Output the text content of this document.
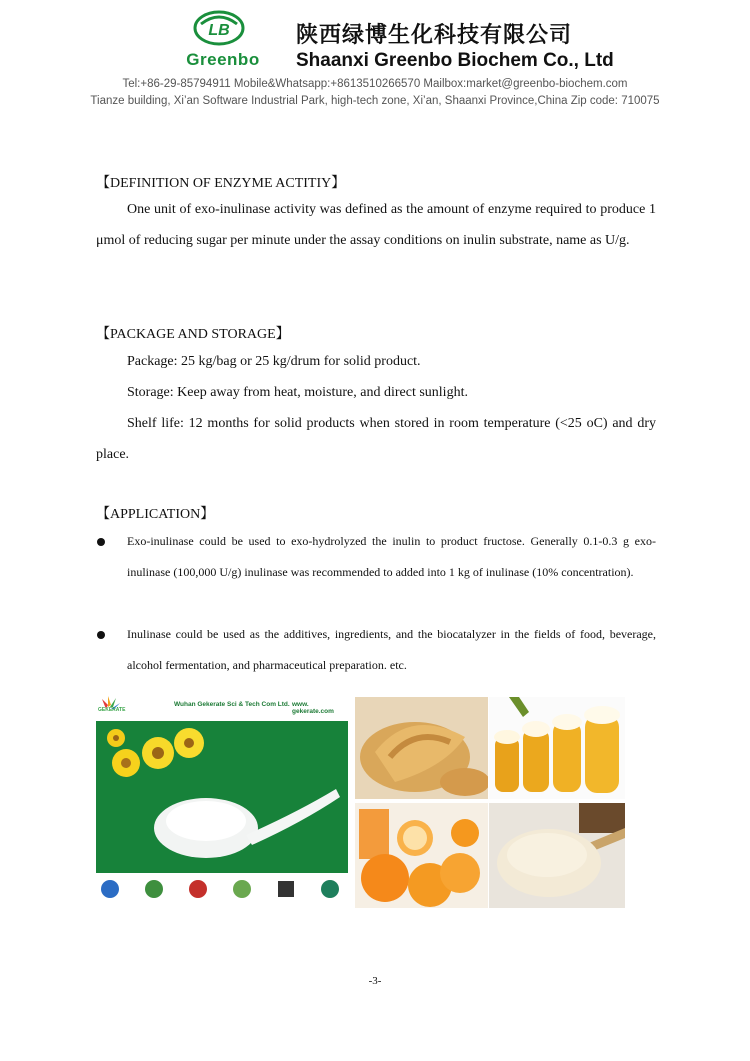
LB
Greenbo
陕西绿博生化科技有限公司
Shaanxi Greenbo Biochem Co., Ltd
Tel:+86-29-85794911 Mobile&Whatsapp:+8613510266570 Mailbox:market@greenbo-biochem.com
Tianze building, Xi’an Software Industrial Park, high-tech zone, Xi’an, Shaanxi Province,China Zip code: 710075
【DEFINITION OF ENZYME ACTITIY】
One unit of exo-inulinase activity was defined as the amount of enzyme required to produce 1 μmol of reducing sugar per minute under the assay conditions on inulin substrate, name as U/g.
【PACKAGE AND STORAGE】
Package: 25 kg/bag or 25 kg/drum for solid product.
Storage: Keep away from heat, moisture, and direct sunlight.
Shelf life: 12 months for solid products when stored in room temperature (<25 oC) and dry place.
【APPLICATION】
Exo-inulinase could be used to exo-hydrolyzed the inulin to product fructose. Generally 0.1-0.3 g exo-inulinase (100,000 U/g) inulinase was recommended to added into 1 kg of inulinase (10% concentration).
Inulinase could be used as the additives, ingredients, and the biocatalyzer in the fields of food, beverage, alcohol fermentation, and pharmaceutical preparation. etc.
GEKERATE
Wuhan Gekerate Sci & Tech Com Ltd. www. gekerate.com
-3-
